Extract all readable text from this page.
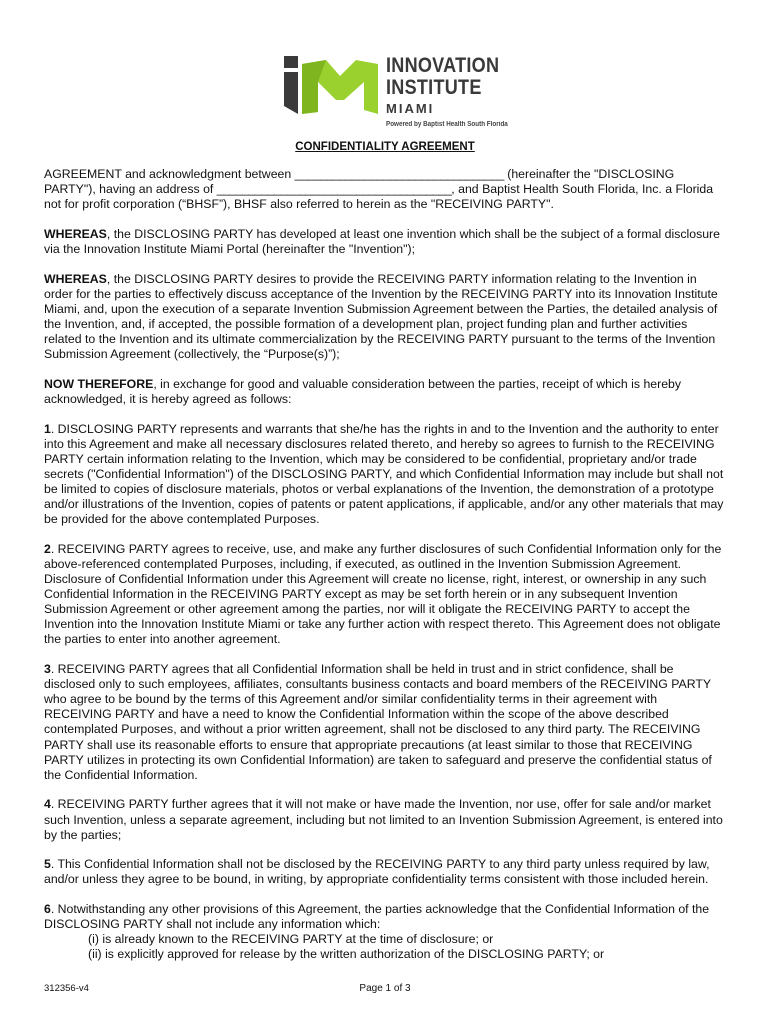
INNOVATION
INSTITUTE
MIAMI
Powered by Baptist Health South Florida
CONFIDENTIALITY AGREEMENT

AGREEMENT and acknowledgment between _________________________________ (hereinafter the "DISCLOSING PARTY"), having an address of _____________________________________, and Baptist Health South Florida, Inc. a Florida not for profit corporation (“BHSF”), BHSF also referred to herein as the "RECEIVING PARTY".

WHEREAS, the DISCLOSING PARTY has developed at least one invention which shall be the subject of a formal disclosure via the Innovation Institute Miami Portal (hereinafter the "Invention");

WHEREAS, the DISCLOSING PARTY desires to provide the RECEIVING PARTY information relating to the Invention in order for the parties to effectively discuss acceptance of the Invention by the RECEIVING PARTY into its Innovation Institute Miami, and, upon the execution of a separate Invention Submission Agreement between the Parties, the detailed analysis of the Invention, and, if accepted, the possible formation of a development plan, project funding plan and further activities related to the Invention and its ultimate commercialization by the RECEIVING PARTY pursuant to the terms of the Invention Submission Agreement (collectively, the “Purpose(s)”);

NOW THEREFORE, in exchange for good and valuable consideration between the parties, receipt of which is hereby acknowledged, it is hereby agreed as follows:

1. DISCLOSING PARTY represents and warrants that she/he has the rights in and to the Invention and the authority to enter into this Agreement and make all necessary disclosures related thereto, and hereby so agrees to furnish to the RECEIVING PARTY certain information relating to the Invention, which may be considered to be confidential, proprietary and/or trade secrets ("Confidential Information") of the DISCLOSING PARTY, and which Confidential Information may include but shall not be limited to copies of disclosure materials, photos or verbal explanations of the Invention, the demonstration of a prototype and/or illustrations of the Invention, copies of patents or patent applications, if applicable, and/or any other materials that may be provided for the above contemplated Purposes.

2. RECEIVING PARTY agrees to receive, use, and make any further disclosures of such Confidential Information only for the above-referenced contemplated Purposes, including, if executed, as outlined in the Invention Submission Agreement. Disclosure of Confidential Information under this Agreement will create no license, right, interest, or ownership in any such Confidential Information in the RECEIVING PARTY except as may be set forth herein or in any subsequent Invention Submission Agreement or other agreement among the parties, nor will it obligate the RECEIVING PARTY to accept the Invention into the Innovation Institute Miami or take any further action with respect thereto. This Agreement does not obligate the parties to enter into another agreement.

3. RECEIVING PARTY agrees that all Confidential Information shall be held in trust and in strict confidence, shall be disclosed only to such employees, affiliates, consultants business contacts and board members of the RECEIVING PARTY who agree to be bound by the terms of this Agreement and/or similar confidentiality terms in their agreement with RECEIVING PARTY and have a need to know the Confidential Information within the scope of the above described contemplated Purposes, and without a prior written agreement, shall not be disclosed to any third party. The RECEIVING PARTY shall use its reasonable efforts to ensure that appropriate precautions (at least similar to those that RECEIVING PARTY utilizes in protecting its own Confidential Information) are taken to safeguard and preserve the confidential status of the Confidential Information.

4. RECEIVING PARTY further agrees that it will not make or have made the Invention, nor use, offer for sale and/or market such Invention, unless a separate agreement, including but not limited to an Invention Submission Agreement, is entered into by the parties;

5. This Confidential Information shall not be disclosed by the RECEIVING PARTY to any third party unless required by law, and/or unless they agree to be bound, in writing, by appropriate confidentiality terms consistent with those included herein.

6. Notwithstanding any other provisions of this Agreement, the parties acknowledge that the Confidential Information of the DISCLOSING PARTY shall not include any information which:

(i) is already known to the RECEIVING PARTY at the time of disclosure; or
(ii) is explicitly approved for release by the written authorization of the DISCLOSING PARTY; or
312356-v4	Page 1 of 3
